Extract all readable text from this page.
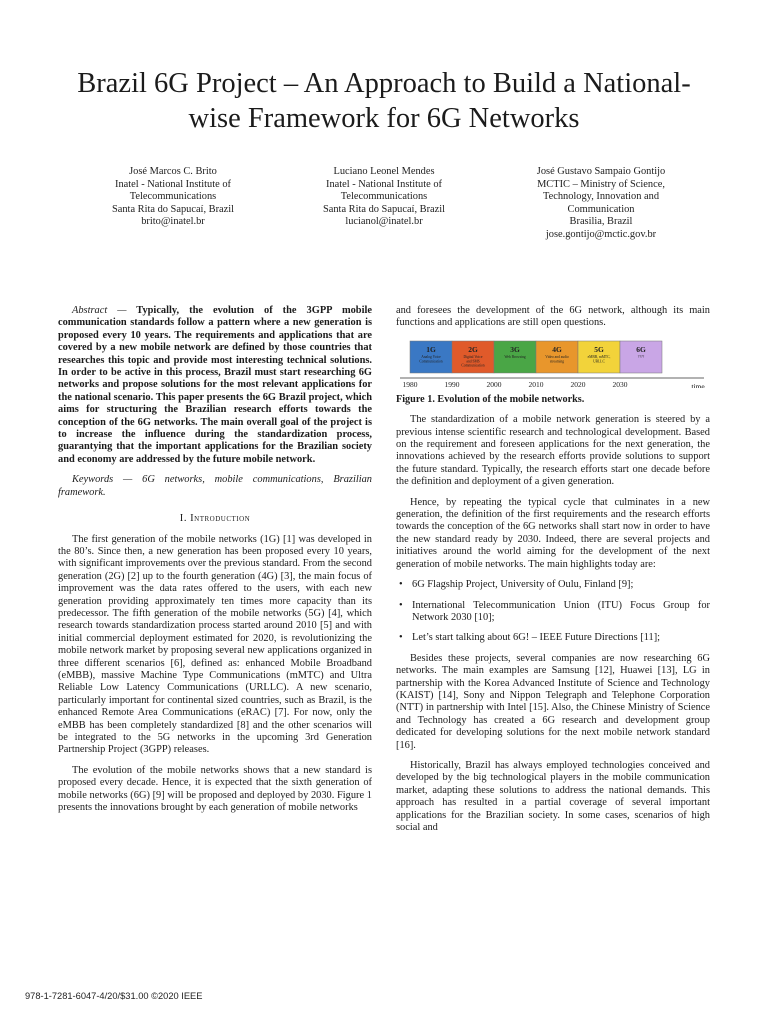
Brazil 6G Project – An Approach to Build a National-wise Framework for 6G Networks
José Marcos C. Brito
Inatel - National Institute of
Telecommunications
Santa Rita do Sapucaí, Brazil
brito@inatel.br
Luciano Leonel Mendes
Inatel - National Institute of
Telecommunications
Santa Rita do Sapucaí, Brazil
lucianol@inatel.br
José Gustavo Sampaio Gontijo
MCTIC – Ministry of Science,
Technology, Innovation and
Communication
Brasilia, Brazil
jose.gontijo@mctic.gov.br

Abstract — Typically, the evolution of the 3GPP mobile communication standards follow a pattern where a new generation is proposed every 10 years. The requirements and applications that are covered by a new mobile network are defined by those countries that researches this topic and provide most interesting technical solutions. In order to be active in this process, Brazil must start researching 6G networks and propose solutions for the most relevant applications for the national scenario. This paper presents the 6G Brazil project, which aims for structuring the Brazilian research efforts towards the conception of the 6G networks. The main overall goal of the project is to increase the influence during the standardization process, guarantying that the important applications for the Brazilian society and economy are addressed by the future mobile network.

Keywords — 6G networks, mobile communications, Brazilian framework.

I. Introduction

The first generation of the mobile networks (1G) [1] was developed in the 80’s. Since then, a new generation has been proposed every 10 years, with significant improvements over the previous standard. From the second generation (2G) [2] up to the fourth generation (4G) [3], the main focus of improvement was the data rates offered to the users, with each new generation providing approximately ten times more capacity than its predecessor. The fifth generation of the mobile networks (5G) [4], which research towards standardization process started around 2010 [5] and with initial commercial deployment estimated for 2020, is revolutionizing the mobile network market by proposing several new applications organized in three different scenarios [6], defined as: enhanced Mobile Broadband (eMBB), massive Machine Type Communications (mMTC) and Ultra Reliable Low Latency Communications (URLLC). A new scenario, particularly important for continental sized countries, such as Brazil, is the enhanced Remote Area Communications (eRAC) [7]. For now, only the eMBB has been completely standardized [8] and the other scenarios will be integrated to the 5G networks in the upcoming 3rd Generation Partnership Project (3GPP) releases.

The evolution of the mobile networks shows that a new standard is proposed every decade. Hence, it is expected that the sixth generation of mobile networks (6G) [9] will be proposed and deployed by 2030. Figure 1 presents the innovations brought by each generation of mobile networks

and foresees the development of the 6G network, although its main functions and applications are still open questions.

1G
Analog Voice
Communication
2G
Digital Voice
and SMS
Communication
3G
Web Browsing
4G
Video and audio
streaming
5G
eMBB, mMTC,
URLLC
6G
????
1980	1990	2000	2010	2020	2030	time

Figure 1. Evolution of the mobile networks.

The standardization of a mobile network generation is steered by a previous intense scientific research and technological development. Based on the requirement and foreseen applications for the next generation, the innovations achieved by the research efforts provide solutions to support the future standard. Typically, the research efforts start one decade before the definition and deployment of a given generation.

Hence, by repeating the typical cycle that culminates in a new generation, the definition of the first requirements and the research efforts towards the conception of the 6G networks shall start now in order to have the new standard ready by 2030. Indeed, there are several projects and initiatives around the world aiming for the development of the next generation of mobile networks. The main highlights today are:

• 6G Flagship Project, University of Oulu, Finland [9];
• International Telecommunication Union (ITU) Focus Group for Network 2030 [10];
• Let’s start talking about 6G! – IEEE Future Directions [11];

Besides these projects, several companies are now researching 6G networks. The main examples are Samsung [12], Huawei [13], LG in partnership with the Korea Advanced Institute of Science and Technology (KAIST) [14], Sony and Nippon Telegraph and Telephone Corporation (NTT) in partnership with Intel [15]. Also, the Chinese Ministry of Science and Technology has created a 6G research and development group dedicated for developing solutions for the next mobile network standard [16].

Historically, Brazil has always employed technologies conceived and developed by the big technological players in the mobile communication market, adapting these solutions to address the national demands. This approach has resulted in a partial coverage of several important applications for the Brazilian society. In some cases, scenarios of high social and

978-1-7281-6047-4/20/$31.00 ©2020 IEEE
